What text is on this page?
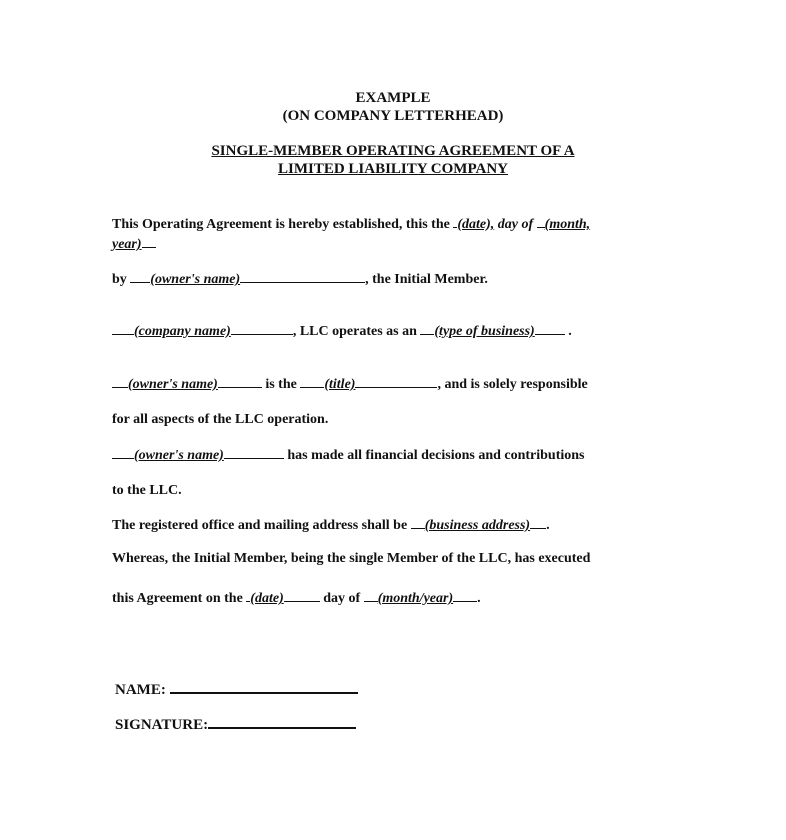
EXAMPLE
(ON COMPANY LETTERHEAD)
SINGLE-MEMBER OPERATING AGREEMENT OF A
LIMITED LIABILITY COMPANY
This Operating Agreement is hereby established, this the (date), day of (month,
year)
by (owner's name)	, the Initial Member.
(company name)	, LLC operates as an (type of business) .
(owner's name)	is the (title)	, and is solely responsible
for all aspects of the LLC operation.
(owner's name)	has made all financial decisions and contributions
to the LLC.
The registered office and mailing address shall be (business address) .
Whereas, the Initial Member, being the single Member of the LLC, has executed
this Agreement on the (date)	day of (month/year) .
NAME:
SIGNATURE:
